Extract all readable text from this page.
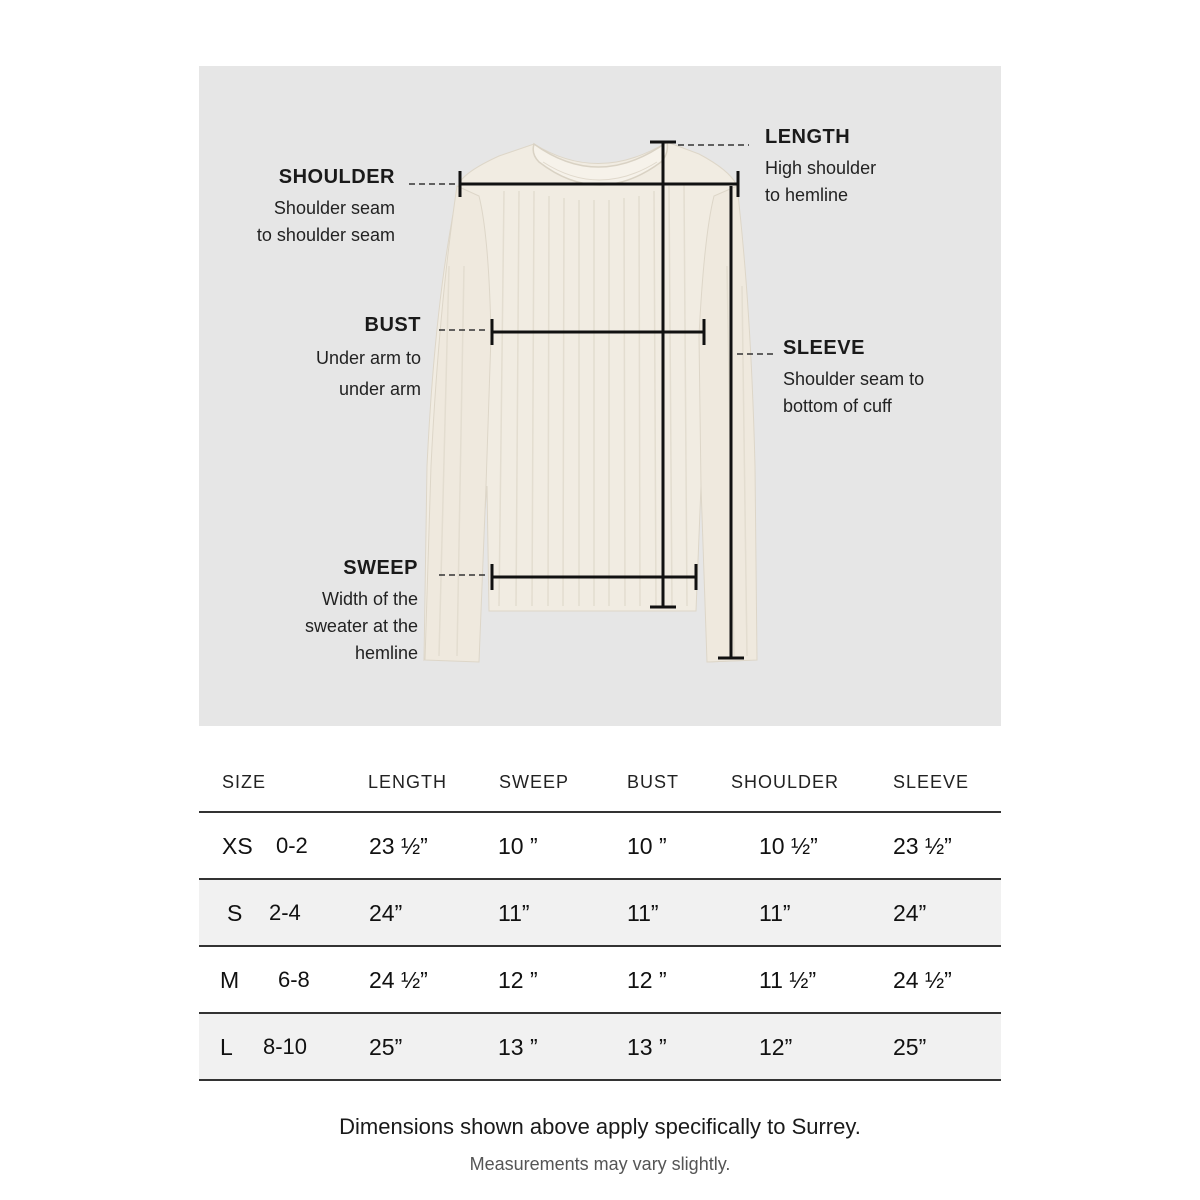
SHOULDER
Shoulder seam
to shoulder seam
LENGTH
High shoulder
to hemline
BUST
Under arm to
under arm
SLEEVE
Shoulder seam to
bottom of cuff
SWEEP
Width of the
sweater at the
hemline
SIZE	LENGTH	SWEEP	BUST	SHOULDER	SLEEVE
XS 0-2	23 ½”	10 ”	10 ”	10 ½”	23 ½”
S 2-4	24”	11”	11”	11”	24”
M 6-8	24 ½”	12 ”	12 ”	11 ½”	24 ½”
L 8-10	25”	13 ”	13 ”	12”	25”
Dimensions shown above apply specifically to Surrey.
Measurements may vary slightly.
